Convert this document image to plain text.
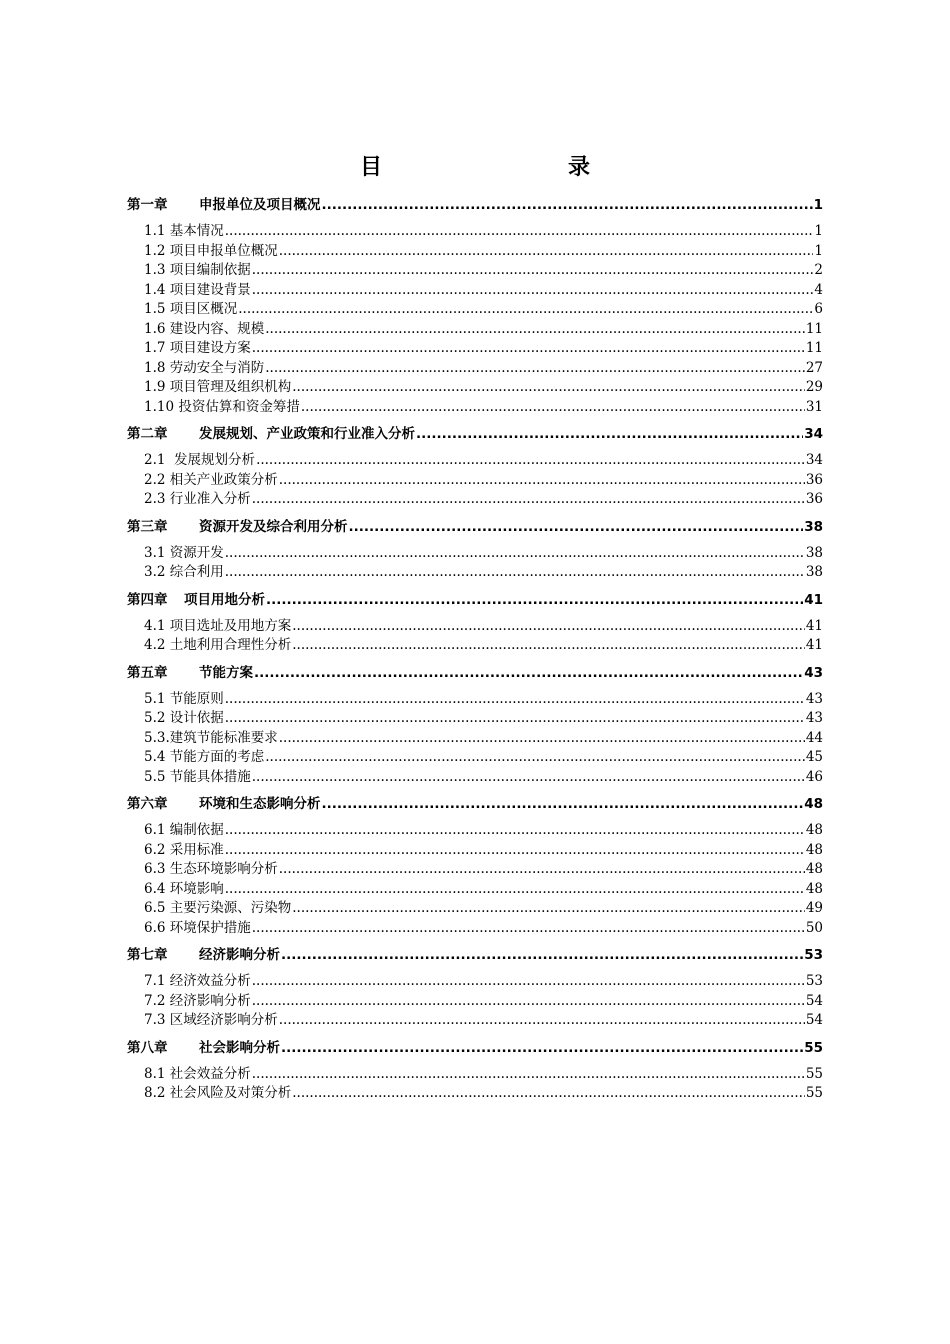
目　录
第一章	申报单位及项目概况 .....	1
1.1 基本情况 .....	1
1.2 项目申报单位概况 .....	1
1.3 项目编制依据 .....	2
1.4 项目建设背景 .....	4
1.5 项目区概况 .....	6
1.6 建设内容、规模 .....	11
1.7 项目建设方案 .....	11
1.8 劳动安全与消防 .....	27
1.9 项目管理及组织机构 .....	29
1.10 投资估算和资金筹措 .....	31
第二章	发展规划、产业政策和行业准入分析 .....	34
2.1  发展规划分析 .....	34
2.2 相关产业政策分析 .....	36
2.3 行业准入分析 .....	36
第三章	资源开发及综合利用分析 .....	38
3.1 资源开发 .....	38
3.2 综合利用 .....	38
第四章	项目用地分析 .....	41
4.1 项目选址及用地方案 .....	41
4.2 土地利用合理性分析 .....	41
第五章	节能方案 .....	43
5.1 节能原则 .....	43
5.2 设计依据 .....	43
5.3.建筑节能标准要求 .....	44
5.4 节能方面的考虑 .....	45
5.5 节能具体措施 .....	46
第六章	环境和生态影响分析 .....	48
6.1 编制依据 .....	48
6.2 采用标准 .....	48
6.3 生态环境影响分析 .....	48
6.4 环境影响 .....	48
6.5 主要污染源、污染物 .....	49
6.6 环境保护措施 .....	50
第七章	经济影响分析 .....	53
7.1 经济效益分析 .....	53
7.2 经济影响分析 .....	54
7.3 区域经济影响分析 .....	54
第八章	社会影响分析 .....	55
8.1 社会效益分析 .....	55
8.2 社会风险及对策分析 .....	55
